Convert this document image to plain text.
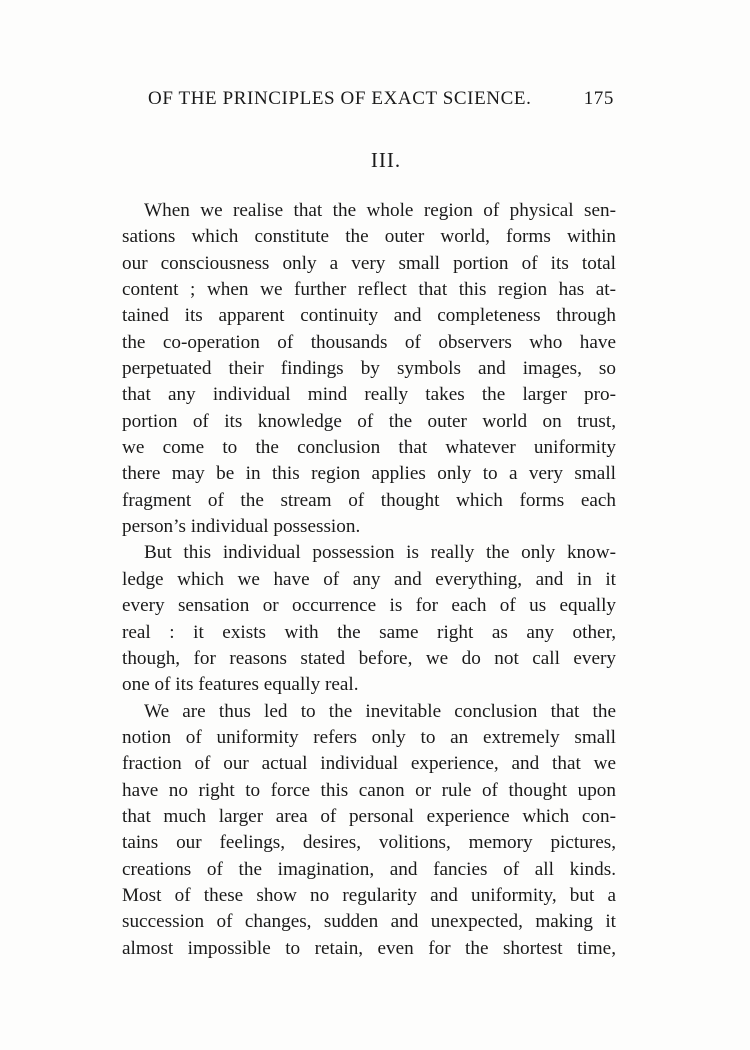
OF THE PRINCIPLES OF EXACT SCIENCE.	175
III.
When we realise that the whole region of physical sen-
sations which constitute the outer world, forms within
our consciousness only a very small portion of its total
content ; when we further reflect that this region has at-
tained its apparent continuity and completeness through
the co-operation of thousands of observers who have
perpetuated their findings by symbols and images, so
that any individual mind really takes the larger pro-
portion of its knowledge of the outer world on trust,
we come to the conclusion that whatever uniformity
there may be in this region applies only to a very small
fragment of the stream of thought which forms each
person’s individual possession.
But this individual possession is really the only know-
ledge which we have of any and everything, and in it
every sensation or occurrence is for each of us equally
real : it exists with the same right as any other,
though, for reasons stated before, we do not call every
one of its features equally real.
We are thus led to the inevitable conclusion that the
notion of uniformity refers only to an extremely small
fraction of our actual individual experience, and that we
have no right to force this canon or rule of thought upon
that much larger area of personal experience which con-
tains our feelings, desires, volitions, memory pictures,
creations of the imagination, and fancies of all kinds.
Most of these show no regularity and uniformity, but a
succession of changes, sudden and unexpected, making it
almost impossible to retain, even for the shortest time,
